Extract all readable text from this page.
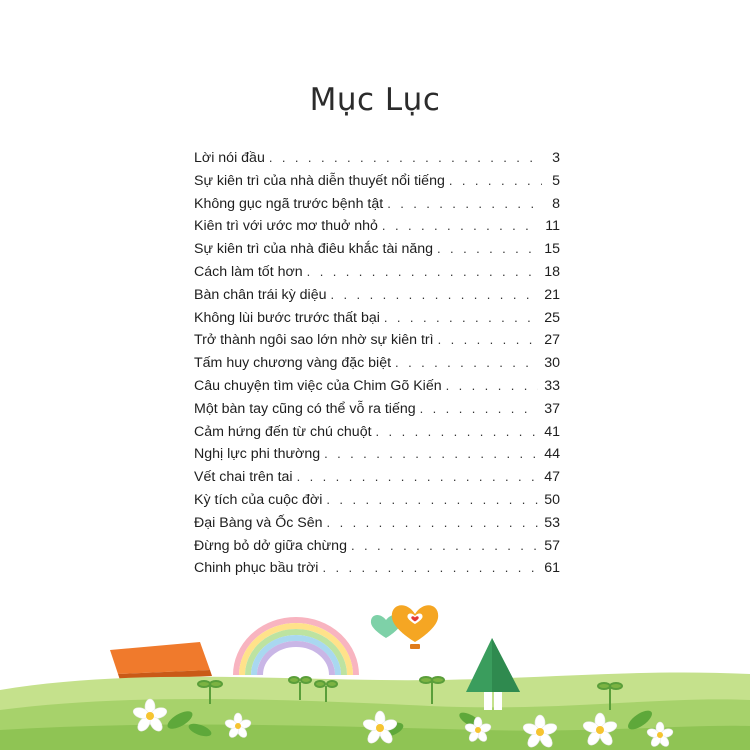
Mục Lục
Lời nói đầu . . .	3
Sự kiên trì của nhà diễn thuyết nổi tiếng . . .	5
Không gục ngã trước bệnh tật . . .	8
Kiên trì với ước mơ thuở nhỏ . . .	11
Sự kiên trì của nhà điêu khắc tài năng . . .	15
Cách làm tốt hơn . . .	18
Bàn chân trái kỳ diệu . . .	21
Không lùi bước trước thất bại . . .	25
Trở thành ngôi sao lớn nhờ sự kiên trì . . .	27
Tấm huy chương vàng đặc biệt . . .	30
Câu chuyện tìm việc của Chim Gõ Kiến . . .	33
Một bàn tay cũng có thể vỗ ra tiếng . . .	37
Cảm hứng đến từ chú chuột . . .	41
Nghị lực phi thường . . .	44
Vết chai trên tai . . .	47
Kỳ tích của cuộc đời . . .	50
Đại Bàng và Ốc Sên . . .	53
Đừng bỏ dở giữa chừng . . .	57
Chinh phục bầu trời . . .	61
